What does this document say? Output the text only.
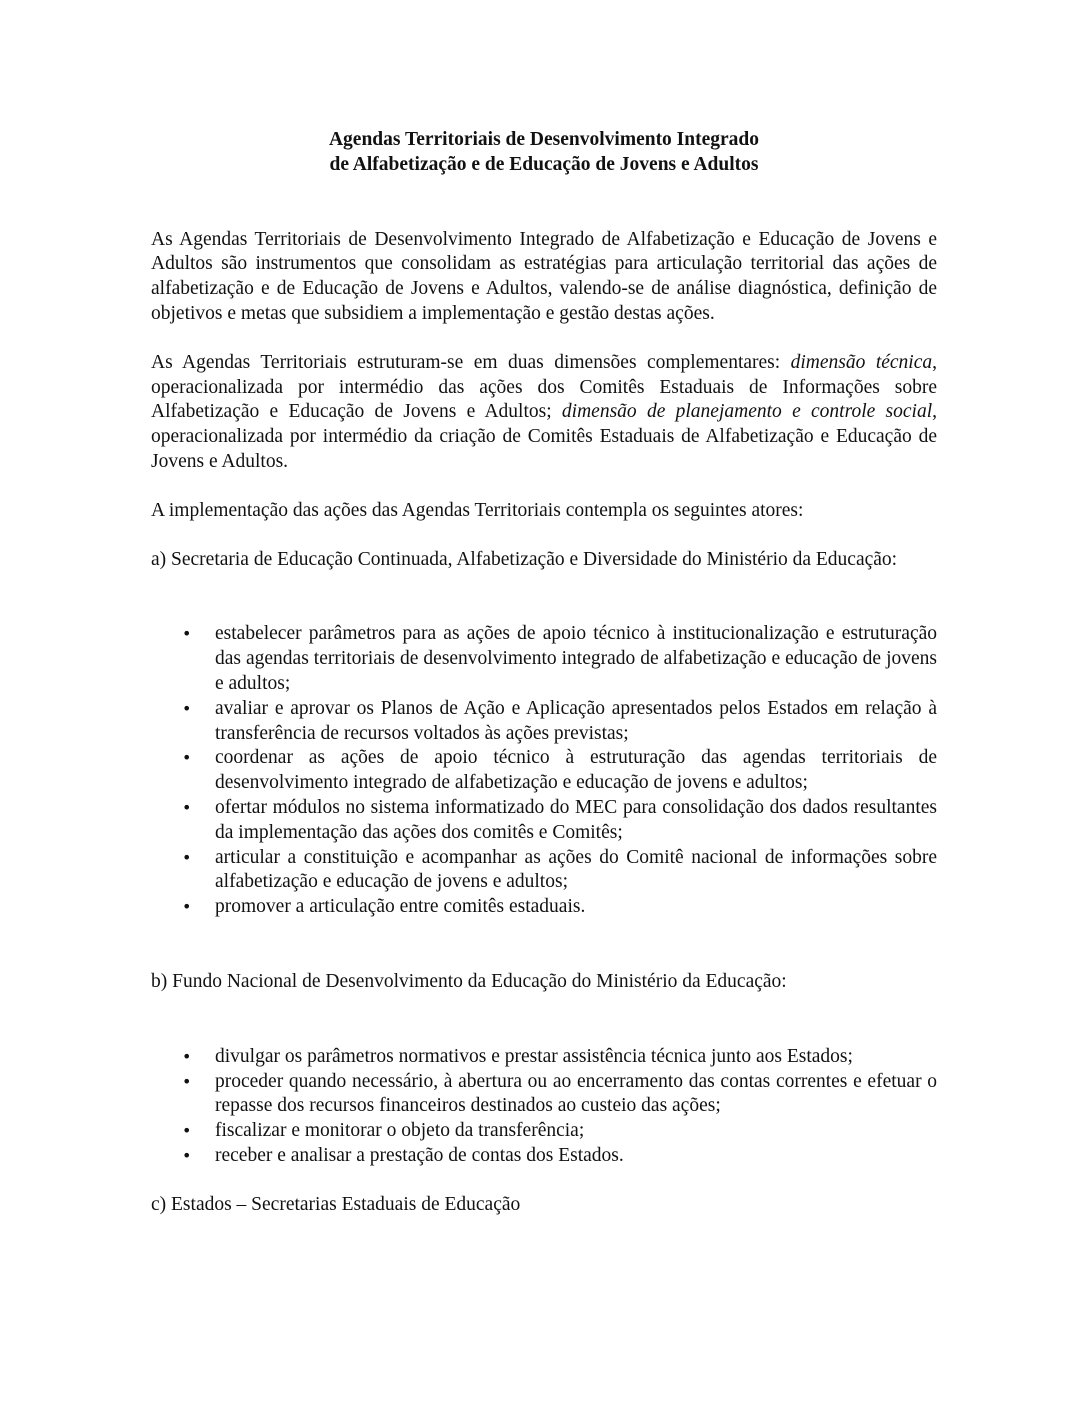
Agendas Territoriais de Desenvolvimento Integrado
de Alfabetização e de Educação de Jovens e Adultos

As Agendas Territoriais de Desenvolvimento Integrado de Alfabetização e Educação de Jovens e Adultos são instrumentos que consolidam as estratégias para articulação territorial das ações de alfabetização e de Educação de Jovens e Adultos, valendo-se de análise diagnóstica, definição de objetivos e metas que subsidiem a implementação e gestão destas ações.

As Agendas Territoriais estruturam-se em duas dimensões complementares: dimensão técnica, operacionalizada por intermédio das ações dos Comitês Estaduais de Informações sobre Alfabetização e Educação de Jovens e Adultos; dimensão de planejamento e controle social, operacionalizada por intermédio da criação de Comitês Estaduais de Alfabetização e Educação de Jovens e Adultos.

A implementação das ações das Agendas Territoriais contempla os seguintes atores:

a) Secretaria de Educação Continuada, Alfabetização e Diversidade do Ministério da Educação:

• estabelecer parâmetros para as ações de apoio técnico à institucionalização e estruturação das agendas territoriais de desenvolvimento integrado de alfabetização e educação de jovens e adultos;
• avaliar e aprovar os Planos de Ação e Aplicação apresentados pelos Estados em relação à transferência de recursos voltados às ações previstas;
• coordenar as ações de apoio técnico à estruturação das agendas territoriais de desenvolvimento integrado de alfabetização e educação de jovens e adultos;
• ofertar módulos no sistema informatizado do MEC para consolidação dos dados resultantes da implementação das ações dos comitês e Comitês;
• articular a constituição e acompanhar as ações do Comitê nacional de informações sobre alfabetização e educação de jovens e adultos;
• promover a articulação entre comitês estaduais.

b) Fundo Nacional de Desenvolvimento da Educação do Ministério da Educação:

• divulgar os parâmetros normativos e prestar assistência técnica junto aos Estados;
• proceder quando necessário, à abertura ou ao encerramento das contas correntes e efetuar o repasse dos recursos financeiros destinados ao custeio das ações;
• fiscalizar e monitorar o objeto da transferência;
• receber e analisar a prestação de contas dos Estados.

c) Estados – Secretarias Estaduais de Educação
